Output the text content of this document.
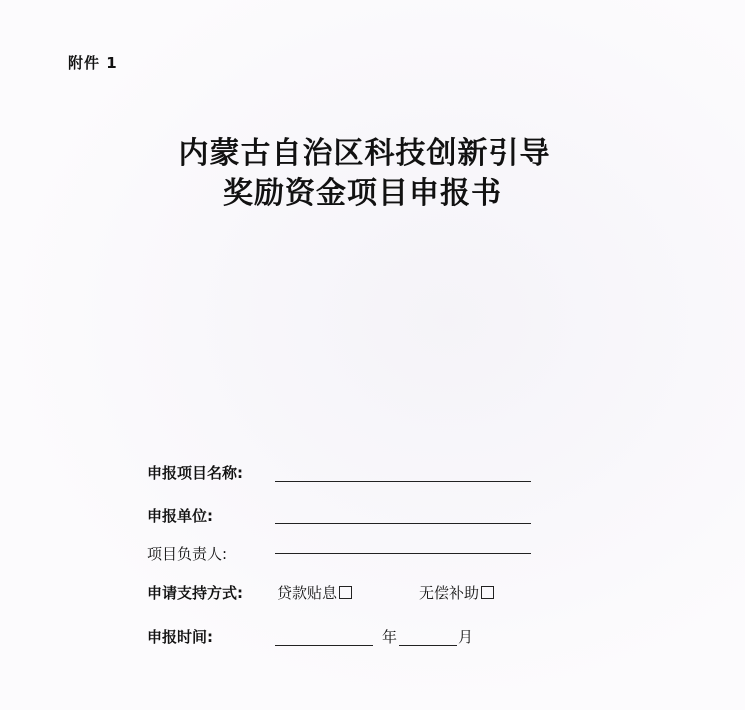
附件 1
内蒙古自治区科技创新引导
奖励资金项目申报书
申报项目名称:
申报单位:
项目负责人:
申请支持方式: 贷款贴息	无偿补助
申报时间:	年	月
